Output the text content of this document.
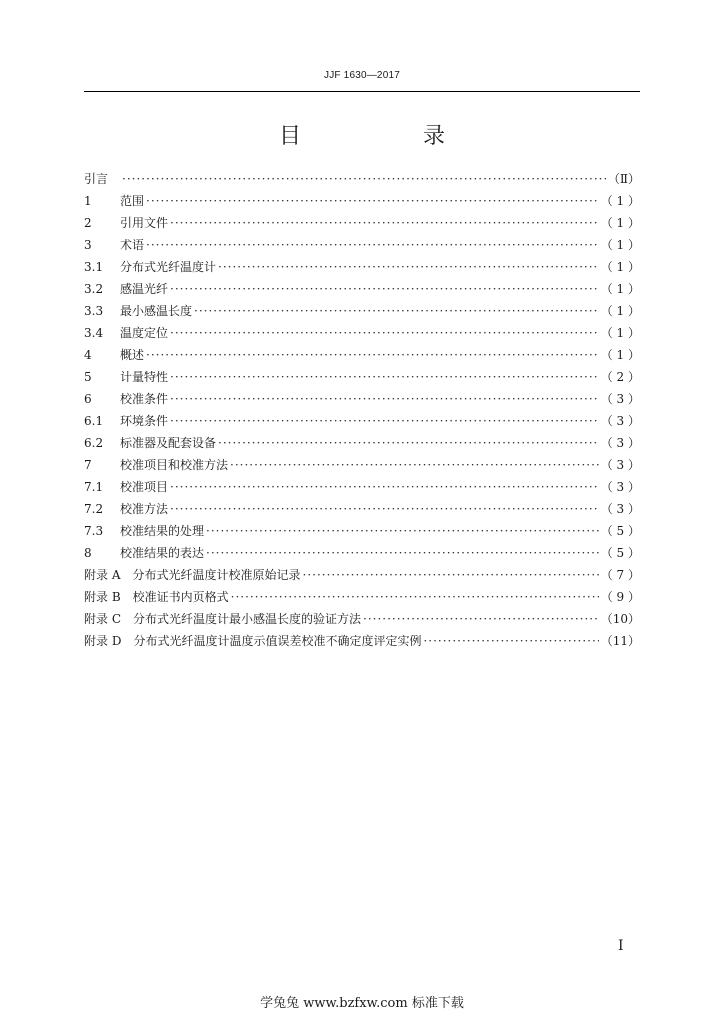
JJF 1630—2017
目　录
引言 ·····	（Ⅱ）
1	范围 ·····	（ 1 ）
2	引用文件 ·····	（ 1 ）
3	术语 ·····	（ 1 ）
3.1	分布式光纤温度计 ·····	（ 1 ）
3.2	感温光纤 ·····	（ 1 ）
3.3	最小感温长度 ·····	（ 1 ）
3.4	温度定位 ·····	（ 1 ）
4	概述 ·····	（ 1 ）
5	计量特性 ·····	（ 2 ）
6	校准条件 ·····	（ 3 ）
6.1	环境条件 ·····	（ 3 ）
6.2	标准器及配套设备 ·····	（ 3 ）
7	校准项目和校准方法 ·····	（ 3 ）
7.1	校准项目 ·····	（ 3 ）
7.2	校准方法 ·····	（ 3 ）
7.3	校准结果的处理 ·····	（ 5 ）
8	校准结果的表达 ·····	（ 5 ）
附录 A	分布式光纤温度计校准原始记录 ·····	（ 7 ）
附录 B	校准证书内页格式 ·····	（ 9 ）
附录 C	分布式光纤温度计最小感温长度的验证方法 ·····	（10）
附录 D	分布式光纤温度计温度示值误差校准不确定度评定实例 ·····	（11）
Ⅰ
学兔兔 www.bzfxw.com 标准下载
